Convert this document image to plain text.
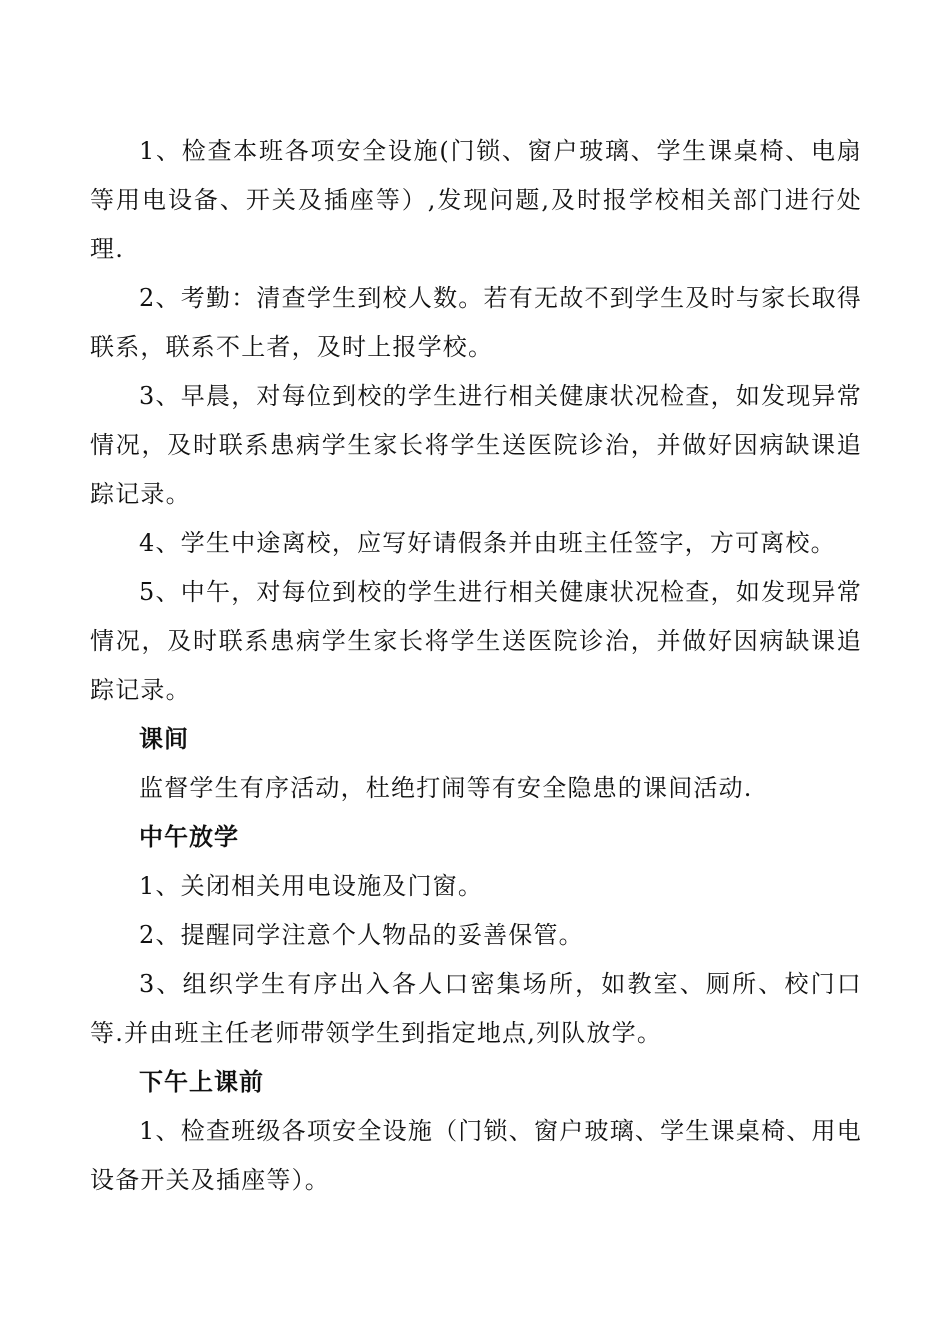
1、检查本班各项安全设施(门锁、窗户玻璃、学生课桌椅、电扇等用电设备、开关及插座等）,发现问题,及时报学校相关部门进行处理.

2、考勤：清查学生到校人数。若有无故不到学生及时与家长取得联系，联系不上者，及时上报学校。

3、早晨，对每位到校的学生进行相关健康状况检查，如发现异常情况，及时联系患病学生家长将学生送医院诊治，并做好因病缺课追踪记录。

4、学生中途离校，应写好请假条并由班主任签字，方可离校。

5、中午，对每位到校的学生进行相关健康状况检查，如发现异常情况，及时联系患病学生家长将学生送医院诊治，并做好因病缺课追踪记录。

课间

监督学生有序活动，杜绝打闹等有安全隐患的课间活动.

中午放学

1、关闭相关用电设施及门窗。

2、提醒同学注意个人物品的妥善保管。

3、组织学生有序出入各人口密集场所，如教室、厕所、校门口等.并由班主任老师带领学生到指定地点,列队放学。

下午上课前

1、检查班级各项安全设施（门锁、窗户玻璃、学生课桌椅、用电设备开关及插座等）。
